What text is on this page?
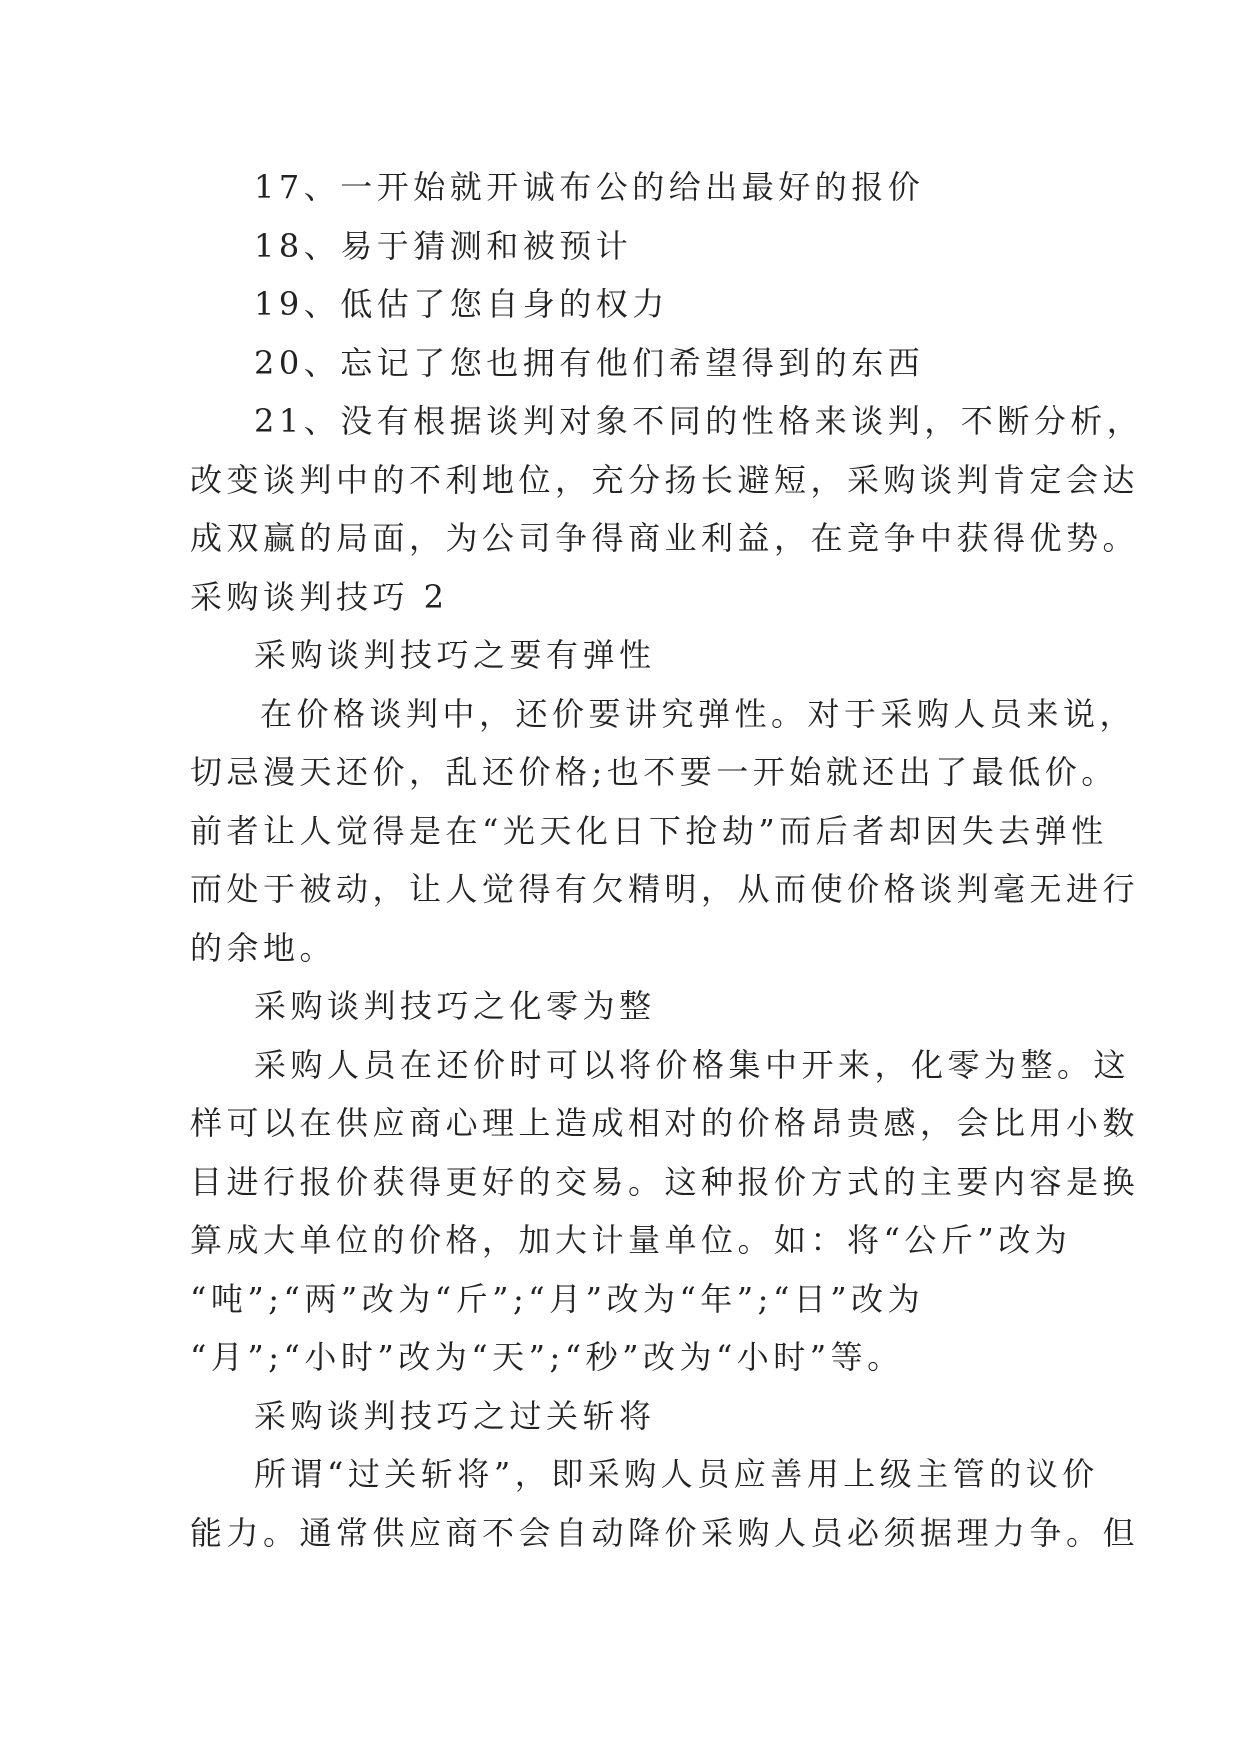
17、一开始就开诚布公的给出最好的报价
18、易于猜测和被预计
19、低估了您自身的权力
20、忘记了您也拥有他们希望得到的东西
21、没有根据谈判对象不同的性格来谈判，不断分析，
改变谈判中的不利地位，充分扬长避短，采购谈判肯定会达
成双赢的局面，为公司争得商业利益，在竞争中获得优势。
采购谈判技巧 2
采购谈判技巧之要有弹性
在价格谈判中，还价要讲究弹性。对于采购人员来说，
切忌漫天还价，乱还价格;也不要一开始就还出了最低价。
前者让人觉得是在“光天化日下抢劫”而后者却因失去弹性
而处于被动，让人觉得有欠精明，从而使价格谈判毫无进行
的余地。
采购谈判技巧之化零为整
采购人员在还价时可以将价格集中开来，化零为整。这
样可以在供应商心理上造成相对的价格昂贵感，会比用小数
目进行报价获得更好的交易。这种报价方式的主要内容是换
算成大单位的价格，加大计量单位。如：将“公斤”改为
“吨”;“两”改为“斤”;“月”改为“年”;“日”改为
“月”;“小时”改为“天”;“秒”改为“小时”等。
采购谈判技巧之过关斩将
所谓“过关斩将”，即采购人员应善用上级主管的议价
能力。通常供应商不会自动降价采购人员必须据理力争。但
